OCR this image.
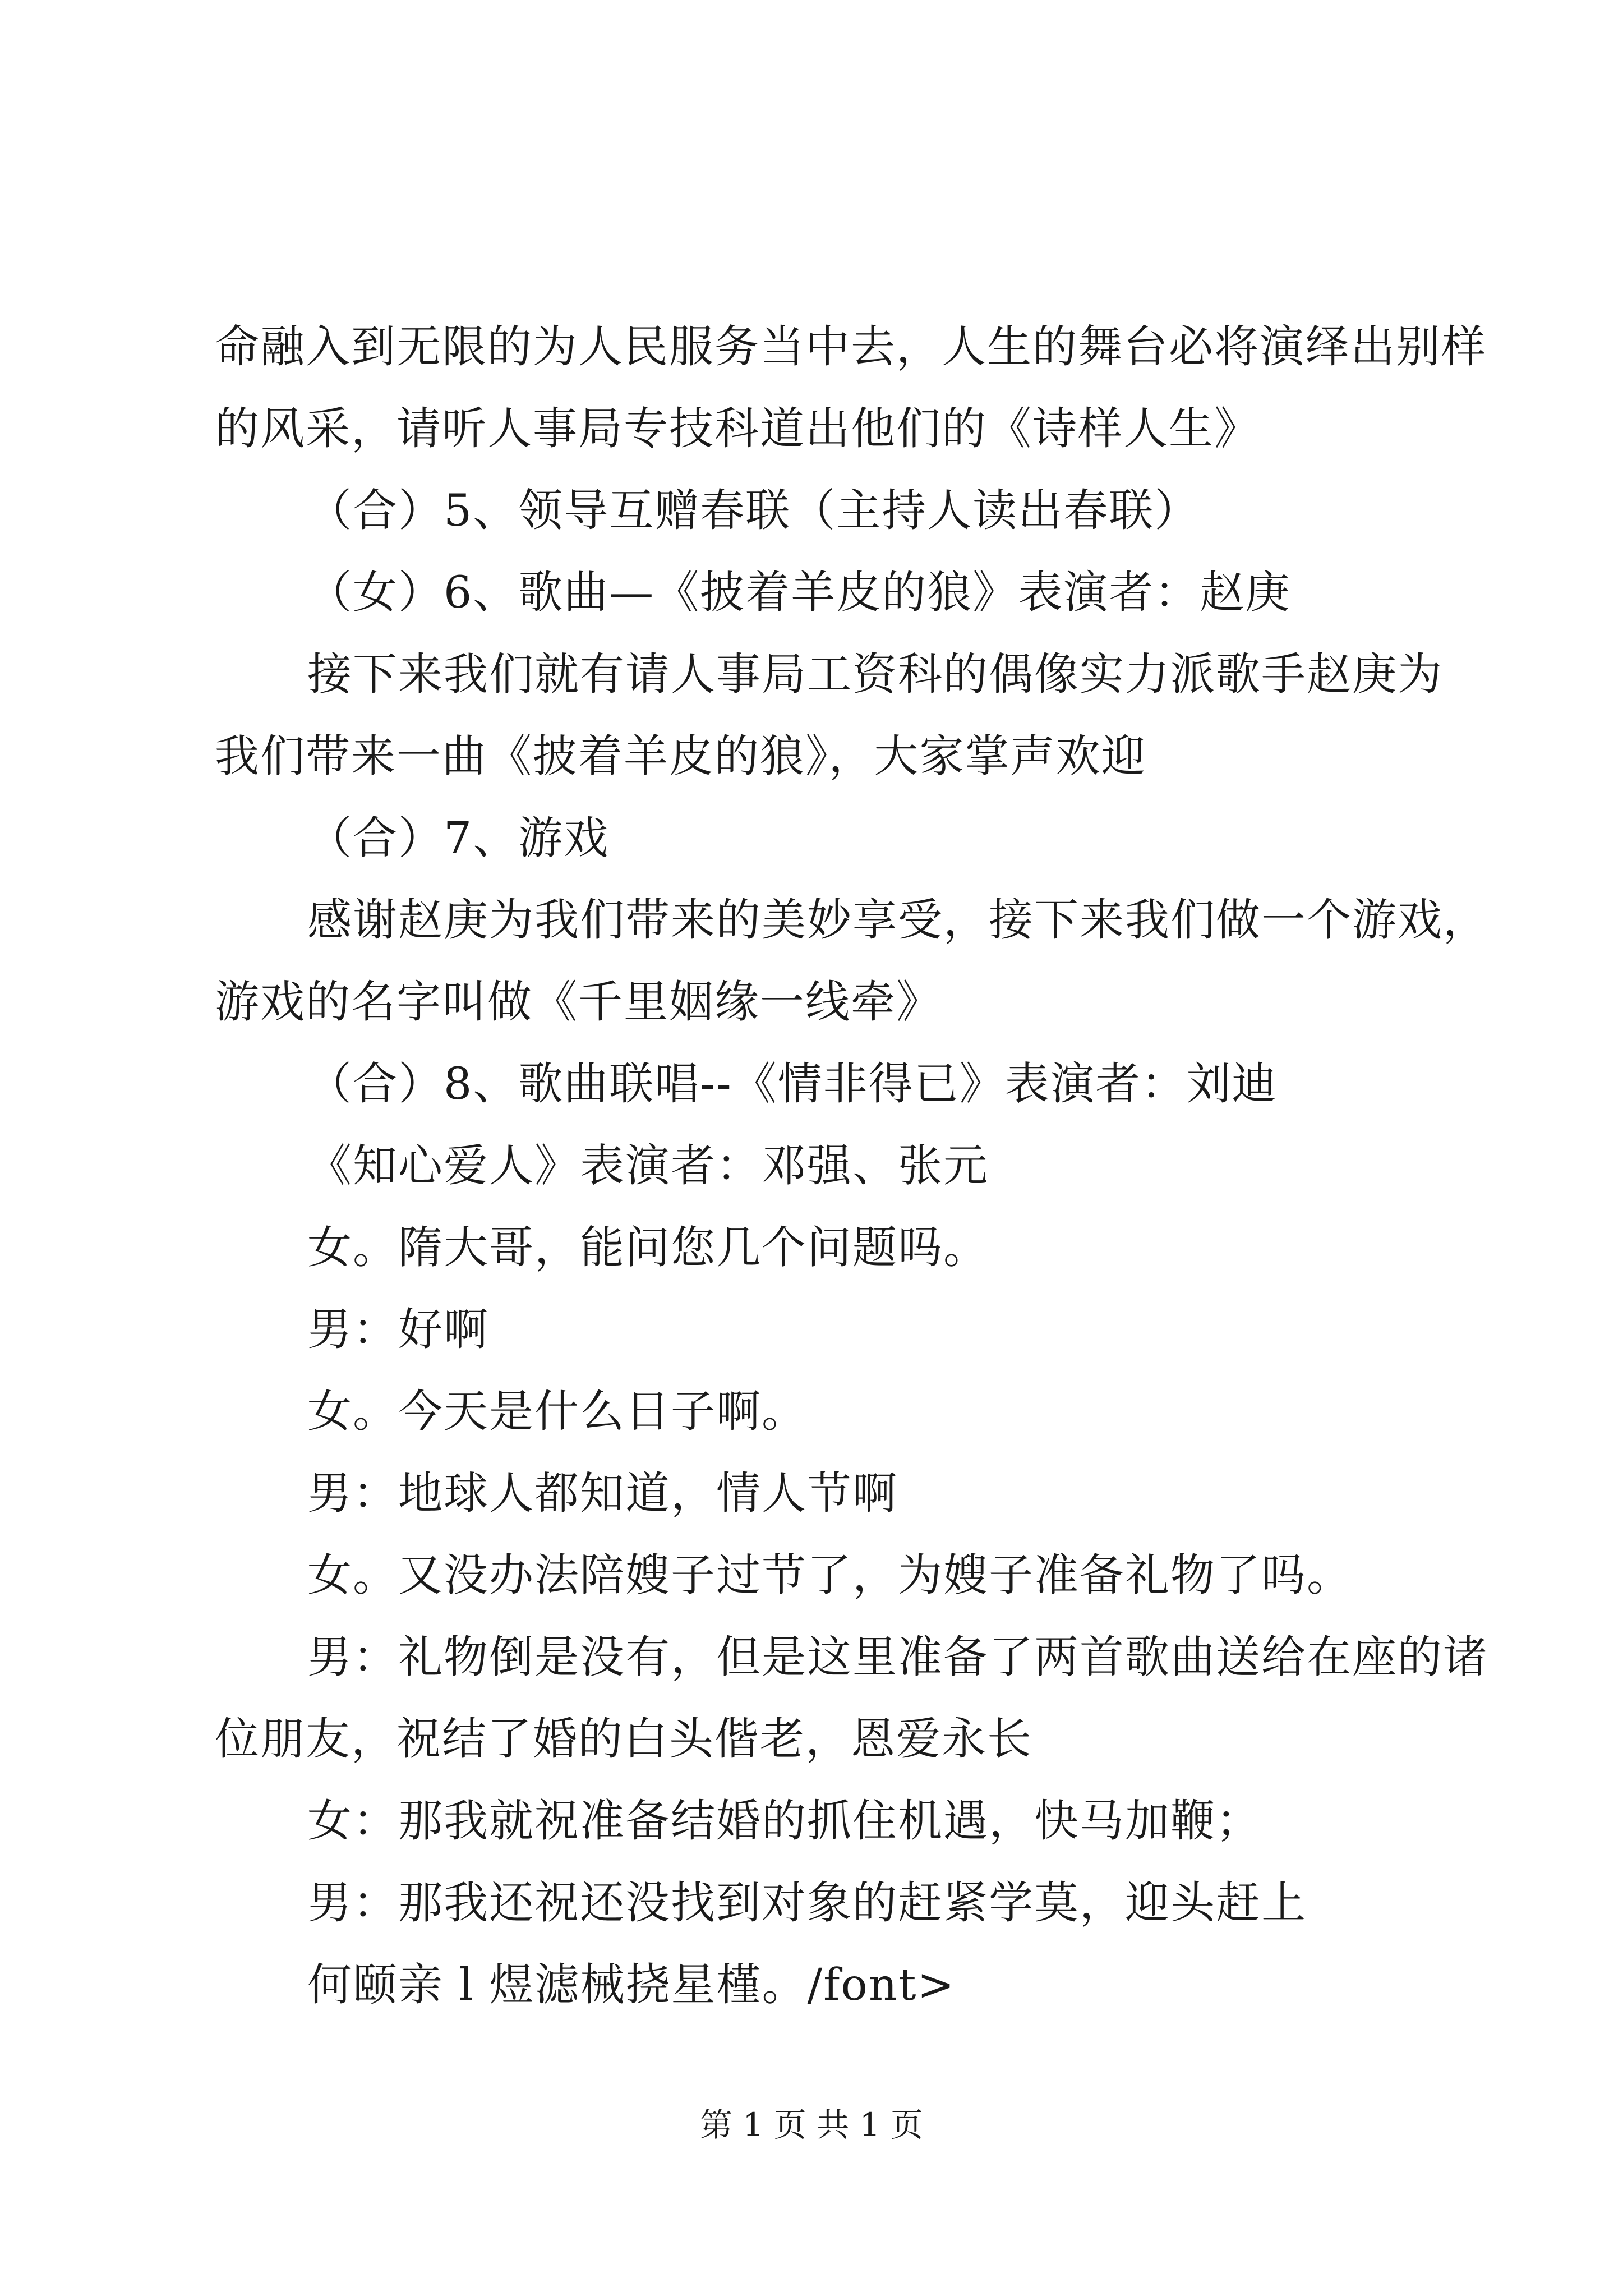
命融入到无限的为人民服务当中去，人生的舞台必将演绎出别样
的风采，请听人事局专技科道出他们的《诗样人生》
（合）5、领导互赠春联（主持人读出春联）
（女）6、歌曲—《披着羊皮的狼》表演者：赵庚
接下来我们就有请人事局工资科的偶像实力派歌手赵庚为
我们带来一曲《披着羊皮的狼》，大家掌声欢迎
（合）7、游戏
感谢赵庚为我们带来的美妙享受，接下来我们做一个游戏，
游戏的名字叫做《千里姻缘一线牵》
（合）8、歌曲联唱--《情非得已》表演者：刘迪
《知心爱人》表演者：邓强、张元
女。隋大哥，能问您几个问题吗。
男：好啊
女。今天是什么日子啊。
男：地球人都知道，情人节啊
女。又没办法陪嫂子过节了，为嫂子准备礼物了吗。
男：礼物倒是没有，但是这里准备了两首歌曲送给在座的诸
位朋友，祝结了婚的白头偕老，恩爱永长
女：那我就祝准备结婚的抓住机遇，快马加鞭；
男：那我还祝还没找到对象的赶紧学莫，迎头赶上
何颐亲 l 煜滤械挠星槿。/font>
第 1 页 共 1 页
